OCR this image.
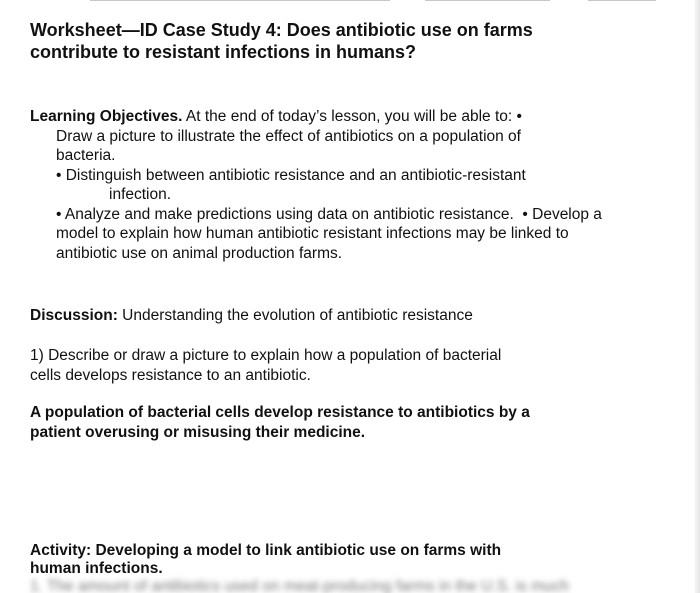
Worksheet—ID Case Study 4: Does antibiotic use on farms
contribute to resistant infections in humans?
Learning Objectives. At the end of today’s lesson, you will be able to: •
Draw a picture to illustrate the effect of antibiotics on a population of
bacteria.
• Distinguish between antibiotic resistance and an antibiotic-resistant
infection.
• Analyze and make predictions using data on antibiotic resistance.  • Develop a
model to explain how human antibiotic resistant infections may be linked to
antibiotic use on animal production farms.
Discussion: Understanding the evolution of antibiotic resistance
1) Describe or draw a picture to explain how a population of bacterial
cells develops resistance to an antibiotic.
A population of bacterial cells develop resistance to antibiotics by a
patient overusing or misusing their medicine.
Activity: Developing a model to link antibiotic use on farms with
human infections.
1. The amount of antibiotics used on meat-producing farms in the U.S. is much
